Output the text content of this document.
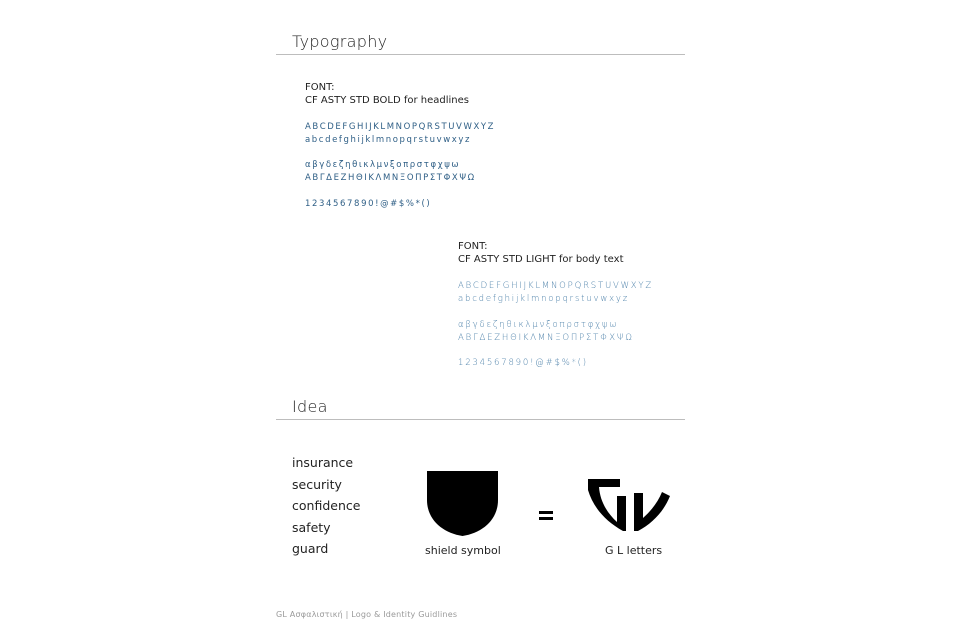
Typography
FONT:
CF ASTY STD BOLD for headlines
ABCDEFGHIJKLMNOPQRSTUVWXYZ
abcdefghijklmnopqrstuvwxyz
αβγδεζηθικλμνξοπρστφχψω
ΑΒΓΔΕΖΗΘΙΚΛΜΝΞΟΠΡΣΤΦΧΨΩ
1234567890!@#$%*()
FONT:
CF ASTY STD LIGHT for body text
ABCDEFGHIJKLMNOPQRSTUVWXYZ
abcdefghijklmnopqrstuvwxyz
αβγδεζηθικλμνξοπρστφχψω
ΑΒΓΔΕΖΗΘΙΚΛΜΝΞΟΠΡΣΤΦΧΨΩ
1234567890!@#$%*()
Idea
insurance
security
confidence
safety
guard	shield symbol	G L letters
GL Ασφαλιστική | Logo & Identity Guidlines
